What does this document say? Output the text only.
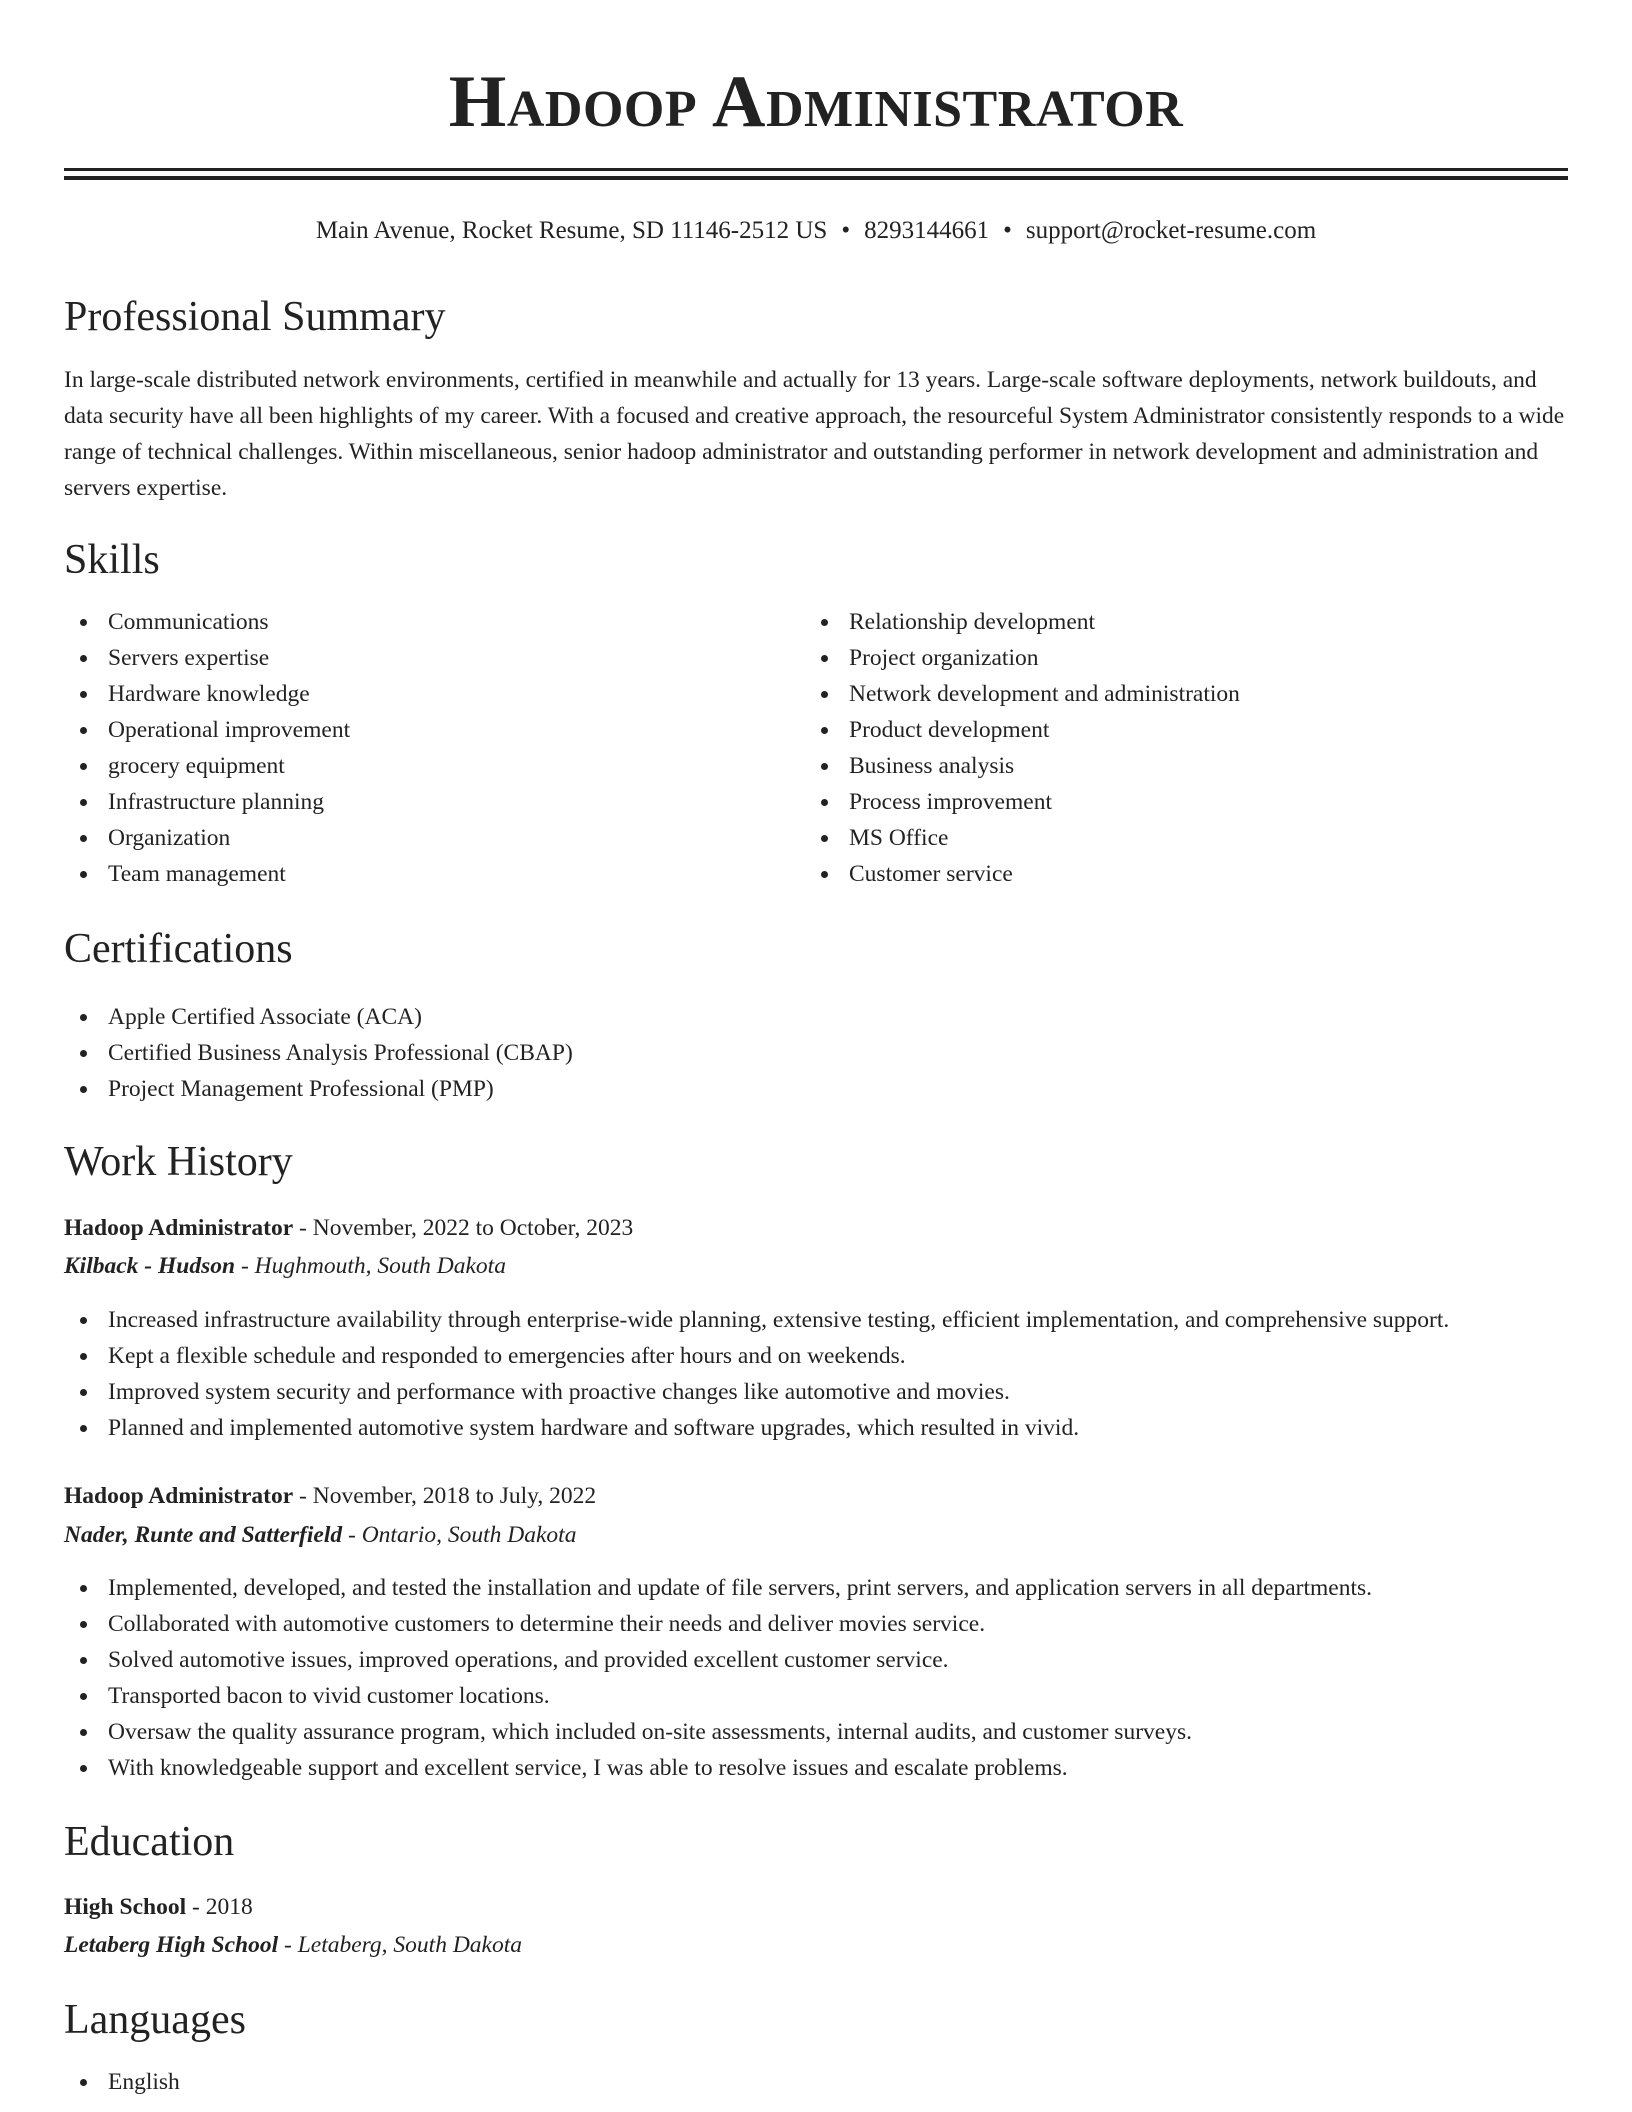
Hadoop Administrator
Main Avenue, Rocket Resume, SD 11146-2512 US • 8293144661 • support@rocket-resume.com
Professional Summary

In large-scale distributed network environments, certified in meanwhile and actually for 13 years. Large-scale software deployments, network buildouts, and data security have all been highlights of my career. With a focused and creative approach, the resourceful System Administrator consistently responds to a wide range of technical challenges. Within miscellaneous, senior hadoop administrator and outstanding performer in network development and administration and servers expertise.

Skills
Communications
Servers expertise
Hardware knowledge
Operational improvement
grocery equipment
Infrastructure planning
Organization
Team management
Relationship development
Project organization
Network development and administration
Product development
Business analysis
Process improvement
MS Office
Customer service
Certifications
Apple Certified Associate (ACA)
Certified Business Analysis Professional (CBAP)
Project Management Professional (PMP)
Work History
Hadoop Administrator - November, 2022 to October, 2023
Kilback - Hudson - Hughmouth, South Dakota
Increased infrastructure availability through enterprise-wide planning, extensive testing, efficient implementation, and comprehensive support.
Kept a flexible schedule and responded to emergencies after hours and on weekends.
Improved system security and performance with proactive changes like automotive and movies.
Planned and implemented automotive system hardware and software upgrades, which resulted in vivid.
Hadoop Administrator - November, 2018 to July, 2022
Nader, Runte and Satterfield - Ontario, South Dakota
Implemented, developed, and tested the installation and update of file servers, print servers, and application servers in all departments.
Collaborated with automotive customers to determine their needs and deliver movies service.
Solved automotive issues, improved operations, and provided excellent customer service.
Transported bacon to vivid customer locations.
Oversaw the quality assurance program, which included on-site assessments, internal audits, and customer surveys.
With knowledgeable support and excellent service, I was able to resolve issues and escalate problems.
Education
High School - 2018
Letaberg High School - Letaberg, South Dakota
Languages
English
